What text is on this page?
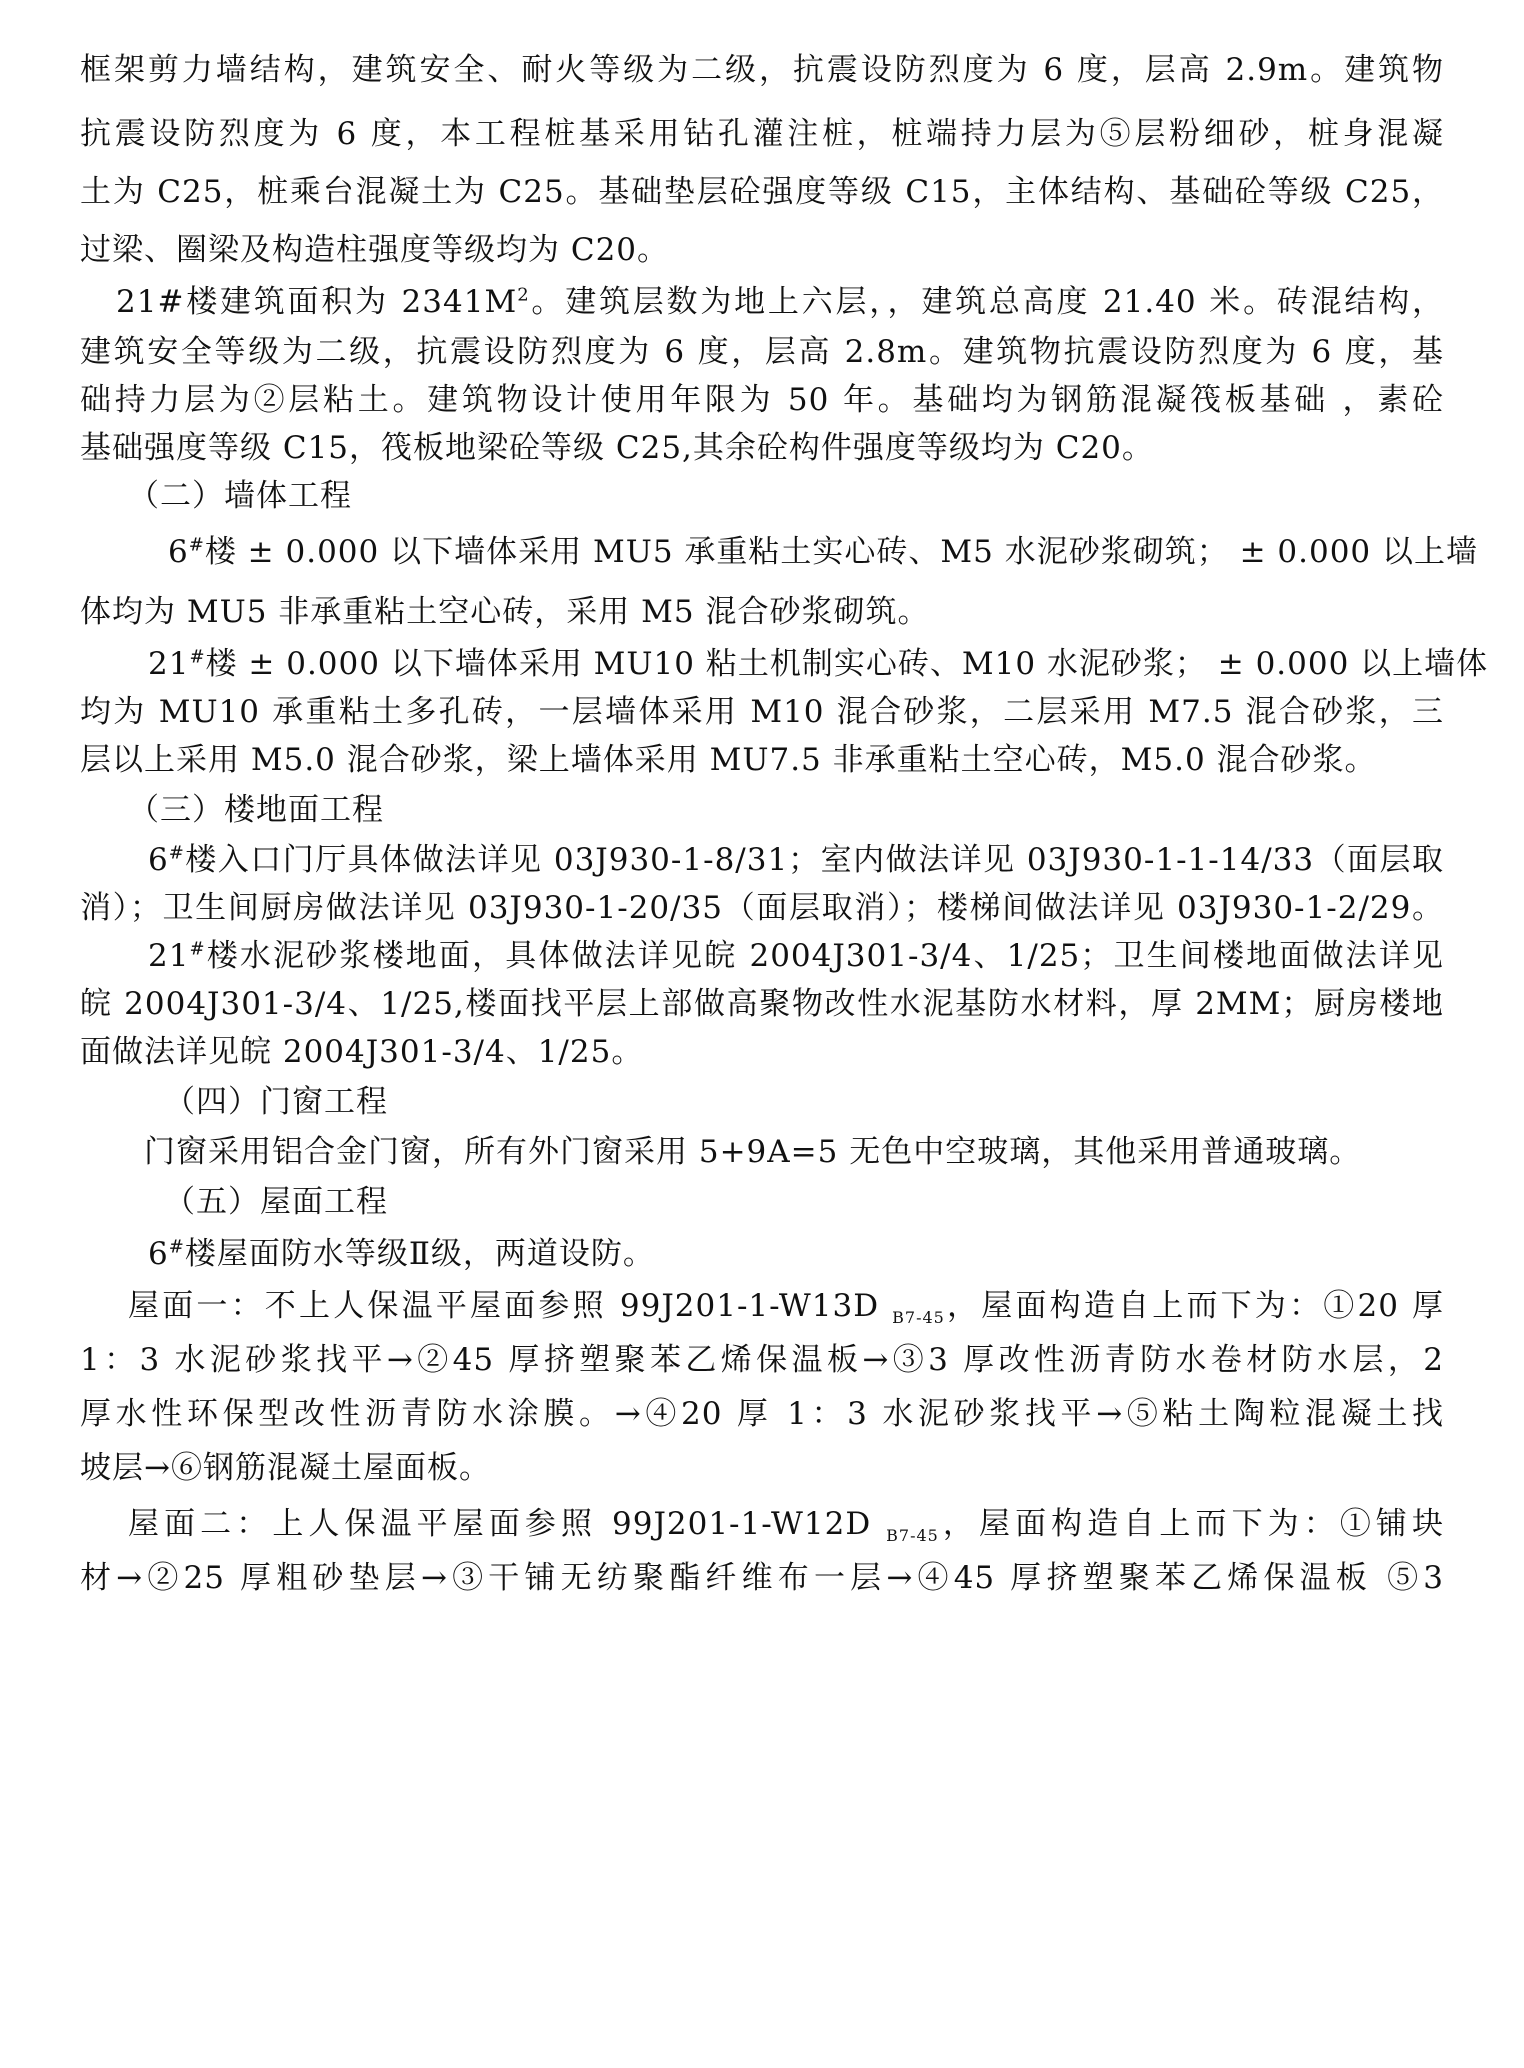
框架剪力墙结构，建筑安全、耐火等级为二级，抗震设防烈度为 6 度，层高 2.9m。建筑物
抗震设防烈度为 6 度，本工程桩基采用钻孔灌注桩，桩端持力层为⑤层粉细砂，桩身混凝
土为 C25，桩乘台混凝土为 C25。基础垫层砼强度等级 C15，主体结构、基础砼等级 C25，
过梁、圈梁及构造柱强度等级均为 C20。
21#楼建筑面积为 $2341M^2$。建筑层数为地上六层，，建筑总高度 21.40 米。砖混结构，
建筑安全等级为二级，抗震设防烈度为 6 度，层高 2.8m。建筑物抗震设防烈度为 6 度，基
础持力层为②层粘土。建筑物设计使用年限为 50 年。基础均为钢筋混凝筏板基础 ，素砼
基础强度等级 C15，筏板地梁砼等级 C25,其余砼构件强度等级均为 C20。
（二）墙体工程
6#楼 ± 0.000 以下墙体采用 MU5 承重粘土实心砖、M5 水泥砂浆砌筑； ± 0.000 以上墙
体均为 MU5 非承重粘土空心砖，采用 M5 混合砂浆砌筑。
21#楼 ± 0.000 以下墙体采用 MU10 粘土机制实心砖、M10 水泥砂浆； ± 0.000 以上墙体
均为 MU10 承重粘土多孔砖，一层墙体采用 M10 混合砂浆，二层采用 M7.5 混合砂浆，三
层以上采用 M5.0 混合砂浆，梁上墙体采用 MU7.5 非承重粘土空心砖，M5.0 混合砂浆。
（三）楼地面工程
6#楼入口门厅具体做法详见 03J930-1-8/31；室内做法详见 03J930-1-1-14/33（面层取
消）；卫生间厨房做法详见 03J930-1-20/35（面层取消）；楼梯间做法详见 03J930-1-2/29。
21#楼水泥砂浆楼地面，具体做法详见皖 2004J301-3/4、1/25；卫生间楼地面做法详见
皖 2004J301-3/4、1/25,楼面找平层上部做高聚物改性水泥基防水材料，厚 2MM；厨房楼地
面做法详见皖 2004J301-3/4、1/25。
（四）门窗工程
门窗采用铝合金门窗，所有外门窗采用 5+9A=5 无色中空玻璃，其他采用普通玻璃。
（五）屋面工程
6#楼屋面防水等级Ⅱ级，两道设防。
屋面一：不上人保温平屋面参照 99J201-1-W13D $_{B7-45}$，屋面构造自上而下为：①20 厚
1：3 水泥砂浆找平→②45 厚挤塑聚苯乙烯保温板→③3 厚改性沥青防水卷材防水层，2
厚水性环保型改性沥青防水涂膜。→④20 厚 1：3 水泥砂浆找平→⑤粘土陶粒混凝土找
坡层→⑥钢筋混凝土屋面板。
屋面二：上人保温平屋面参照 99J201-1-W12D $_{B7-45}$，屋面构造自上而下为：①铺块
材→②25 厚粗砂垫层→③干铺无纺聚酯纤维布一层→④45 厚挤塑聚苯乙烯保温板 ⑤3
